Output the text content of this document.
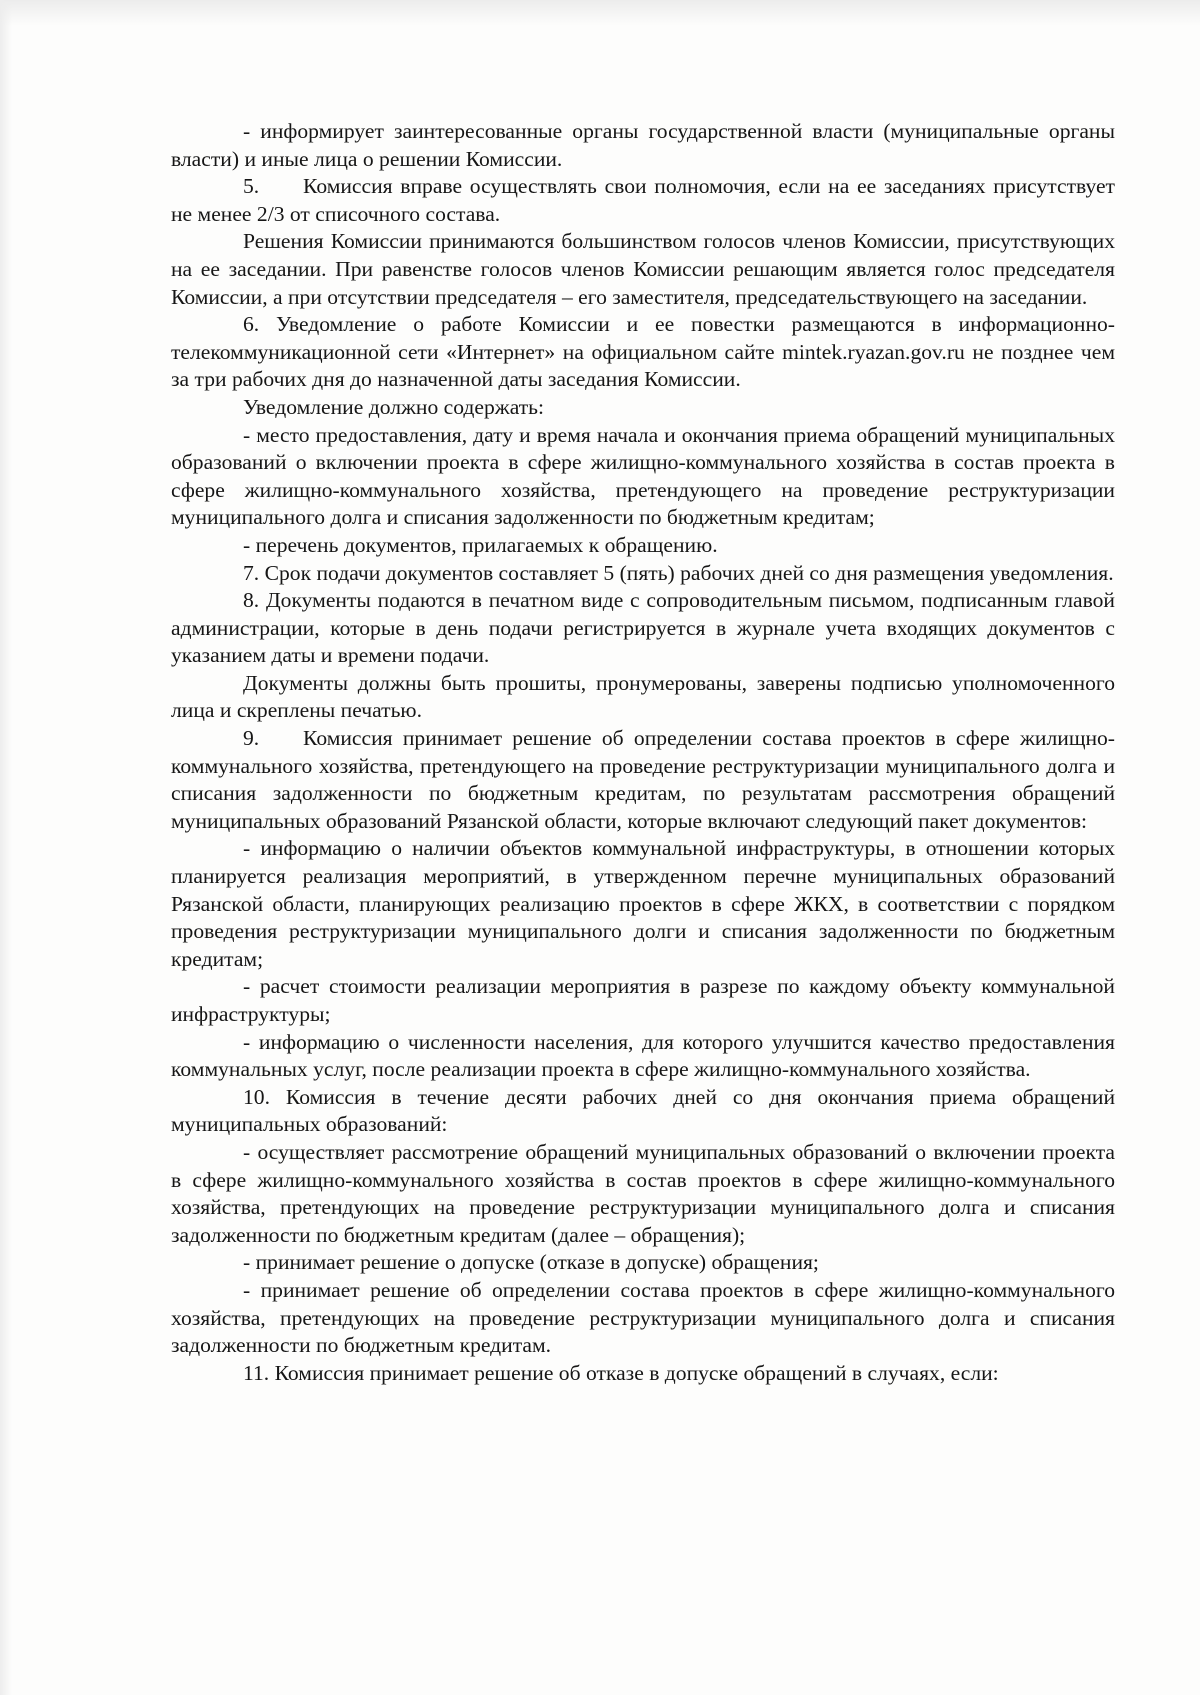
- информирует заинтересованные органы государственной власти (муниципальные органы власти) и иные лица о решении Комиссии.

5. Комиссия вправе осуществлять свои полномочия, если на ее заседаниях присутствует не менее 2/3 от списочного состава.

Решения Комиссии принимаются большинством голосов членов Комиссии, присутствующих на ее заседании. При равенстве голосов членов Комиссии решающим является голос председателя Комиссии, а при отсутствии председателя – его заместителя, председательствующего на заседании.

6. Уведомление о работе Комиссии и ее повестки размещаются в информационно-телекоммуникационной сети «Интернет» на официальном сайте mintek.ryazan.gov.ru не позднее чем за три рабочих дня до назначенной даты заседания Комиссии.

Уведомление должно содержать:

- место предоставления, дату и время начала и окончания приема обращений муниципальных образований о включении проекта в сфере жилищно-коммунального хозяйства в состав проекта в сфере жилищно-коммунального хозяйства, претендующего на проведение реструктуризации муниципального долга и списания задолженности по бюджетным кредитам;

- перечень документов, прилагаемых к обращению.

7. Срок подачи документов составляет 5 (пять) рабочих дней со дня размещения уведомления.

8. Документы подаются в печатном виде с сопроводительным письмом, подписанным главой администрации, которые в день подачи регистрируется в журнале учета входящих документов с указанием даты и времени подачи.

Документы должны быть прошиты, пронумерованы, заверены подписью уполномоченного лица и скреплены печатью.

9. Комиссия принимает решение об определении состава проектов в сфере жилищно-коммунального хозяйства, претендующего на проведение реструктуризации муниципального долга и списания задолженности по бюджетным кредитам, по результатам рассмотрения обращений муниципальных образований Рязанской области, которые включают следующий пакет документов:

- информацию о наличии объектов коммунальной инфраструктуры, в отношении которых планируется реализация мероприятий, в утвержденном перечне муниципальных образований Рязанской области, планирующих реализацию проектов в сфере ЖКХ, в соответствии с порядком проведения реструктуризации муниципального долги и списания задолженности по бюджетным кредитам;

- расчет стоимости реализации мероприятия в разрезе по каждому объекту коммунальной инфраструктуры;

- информацию о численности населения, для которого улучшится качество предоставления коммунальных услуг, после реализации проекта в сфере жилищно-коммунального хозяйства.

10. Комиссия в течение десяти рабочих дней со дня окончания приема обращений муниципальных образований:

- осуществляет рассмотрение обращений муниципальных образований о включении проекта в сфере жилищно-коммунального хозяйства в состав проектов в сфере жилищно-коммунального хозяйства, претендующих на проведение реструктуризации муниципального долга и списания задолженности по бюджетным кредитам (далее – обращения);

- принимает решение о допуске (отказе в допуске) обращения;

- принимает решение об определении состава проектов в сфере жилищно-коммунального хозяйства, претендующих на проведение реструктуризации муниципального долга и списания задолженности по бюджетным кредитам.

11. Комиссия принимает решение об отказе в допуске обращений в случаях, если:
